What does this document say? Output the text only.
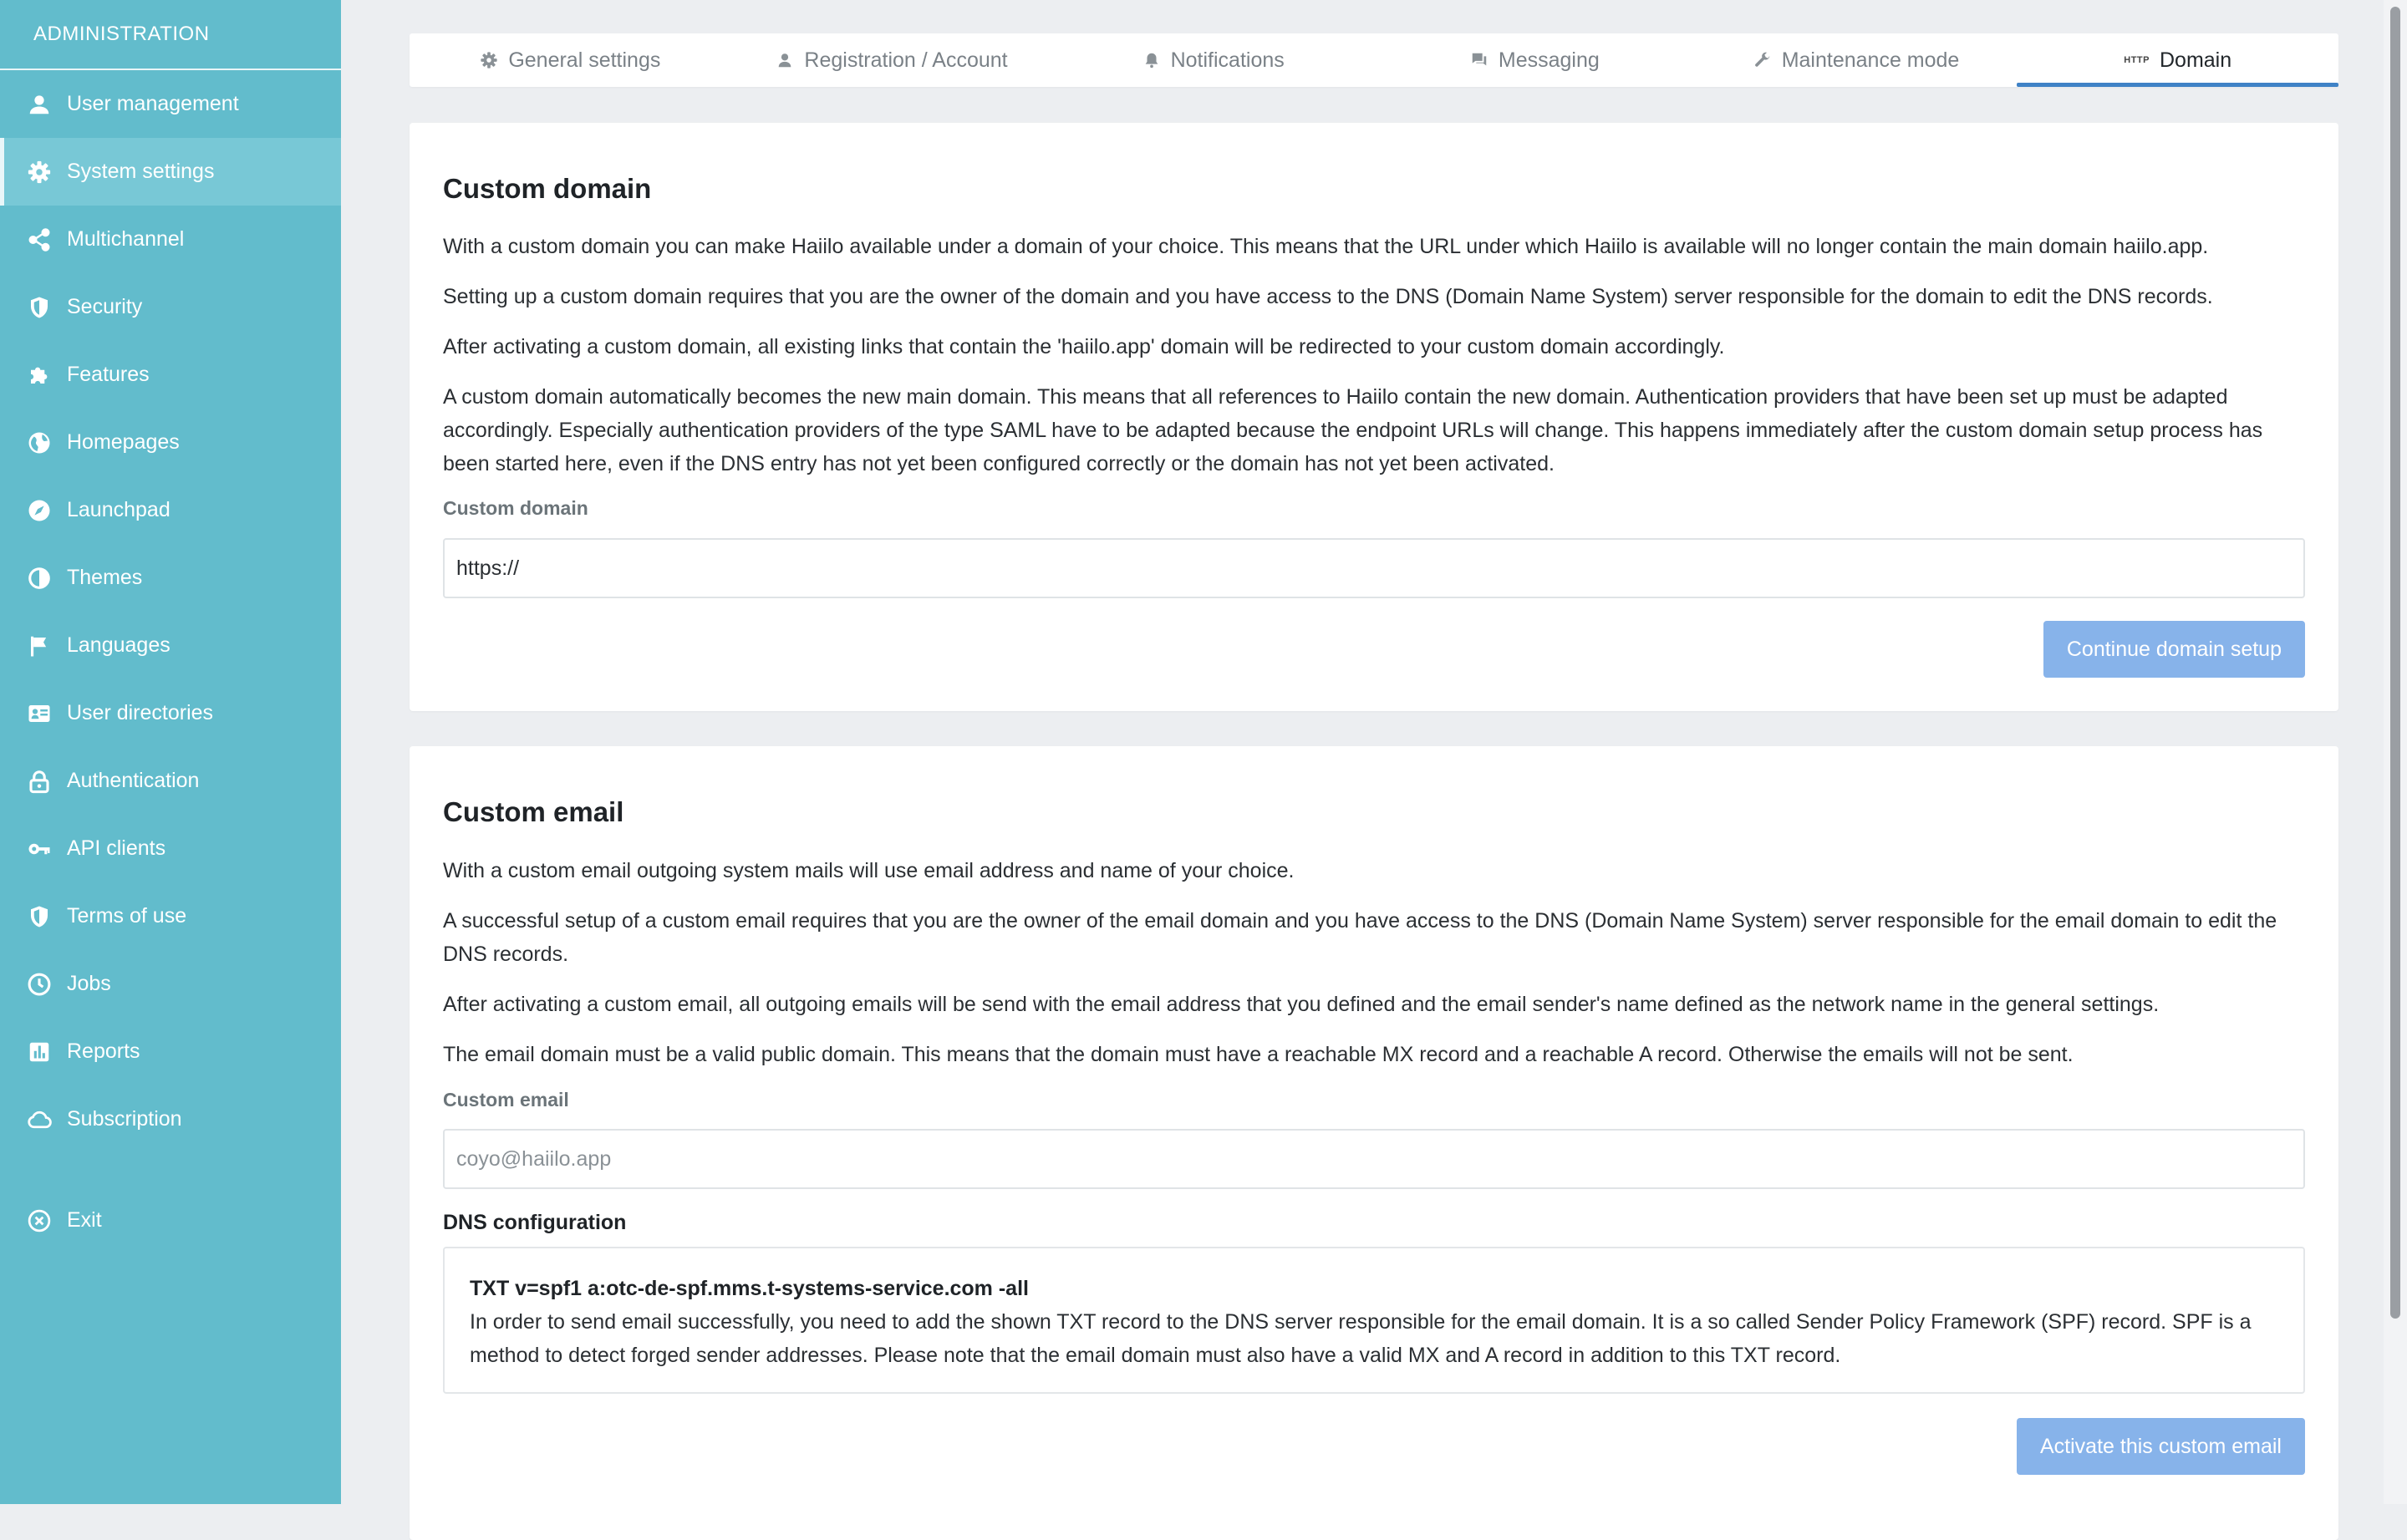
ADMINISTRATION
User management
System settings
Multichannel
Security
Features
Homepages
Launchpad
Themes
Languages
User directories
Authentication
API clients
Terms of use
Jobs
Reports
Subscription
Exit
General settings	Registration / Account	Notifications	Messaging	Maintenance mode	HTTP Domain
Custom domain

With a custom domain you can make Haiilo available under a domain of your choice. This means that the URL under which Haiilo is available will no longer contain the main domain haiilo.app.

Setting up a custom domain requires that you are the owner of the domain and you have access to the DNS (Domain Name System) server responsible for the domain to edit the DNS records.

After activating a custom domain, all existing links that contain the 'haiilo.app' domain will be redirected to your custom domain accordingly.

A custom domain automatically becomes the new main domain. This means that all references to Haiilo contain the new domain. Authentication providers that have been set up must be adapted accordingly. Especially authentication providers of the type SAML have to be adapted because the endpoint URLs will change. This happens immediately after the custom domain setup process has been started here, even if the DNS entry has not yet been configured correctly or the domain has not yet been activated.

Custom domain
https://
Continue domain setup
Custom email

With a custom email outgoing system mails will use email address and name of your choice.

A successful setup of a custom email requires that you are the owner of the email domain and you have access to the DNS (Domain Name System) server responsible for the email domain to edit the DNS records.

After activating a custom email, all outgoing emails will be send with the email address that you defined and the email sender's name defined as the network name in the general settings.

The email domain must be a valid public domain. This means that the domain must have a reachable MX record and a reachable A record. Otherwise the emails will not be sent.

Custom email
coyo@haiilo.app
DNS configuration
TXT v=spf1 a:otc-de-spf.mms.t-systems-service.com -all
In order to send email successfully, you need to add the shown TXT record to the DNS server responsible for the email domain. It is a so called Sender Policy Framework (SPF) record. SPF is a method to detect forged sender addresses. Please note that the email domain must also have a valid MX and A record in addition to this TXT record.
Activate this custom email
